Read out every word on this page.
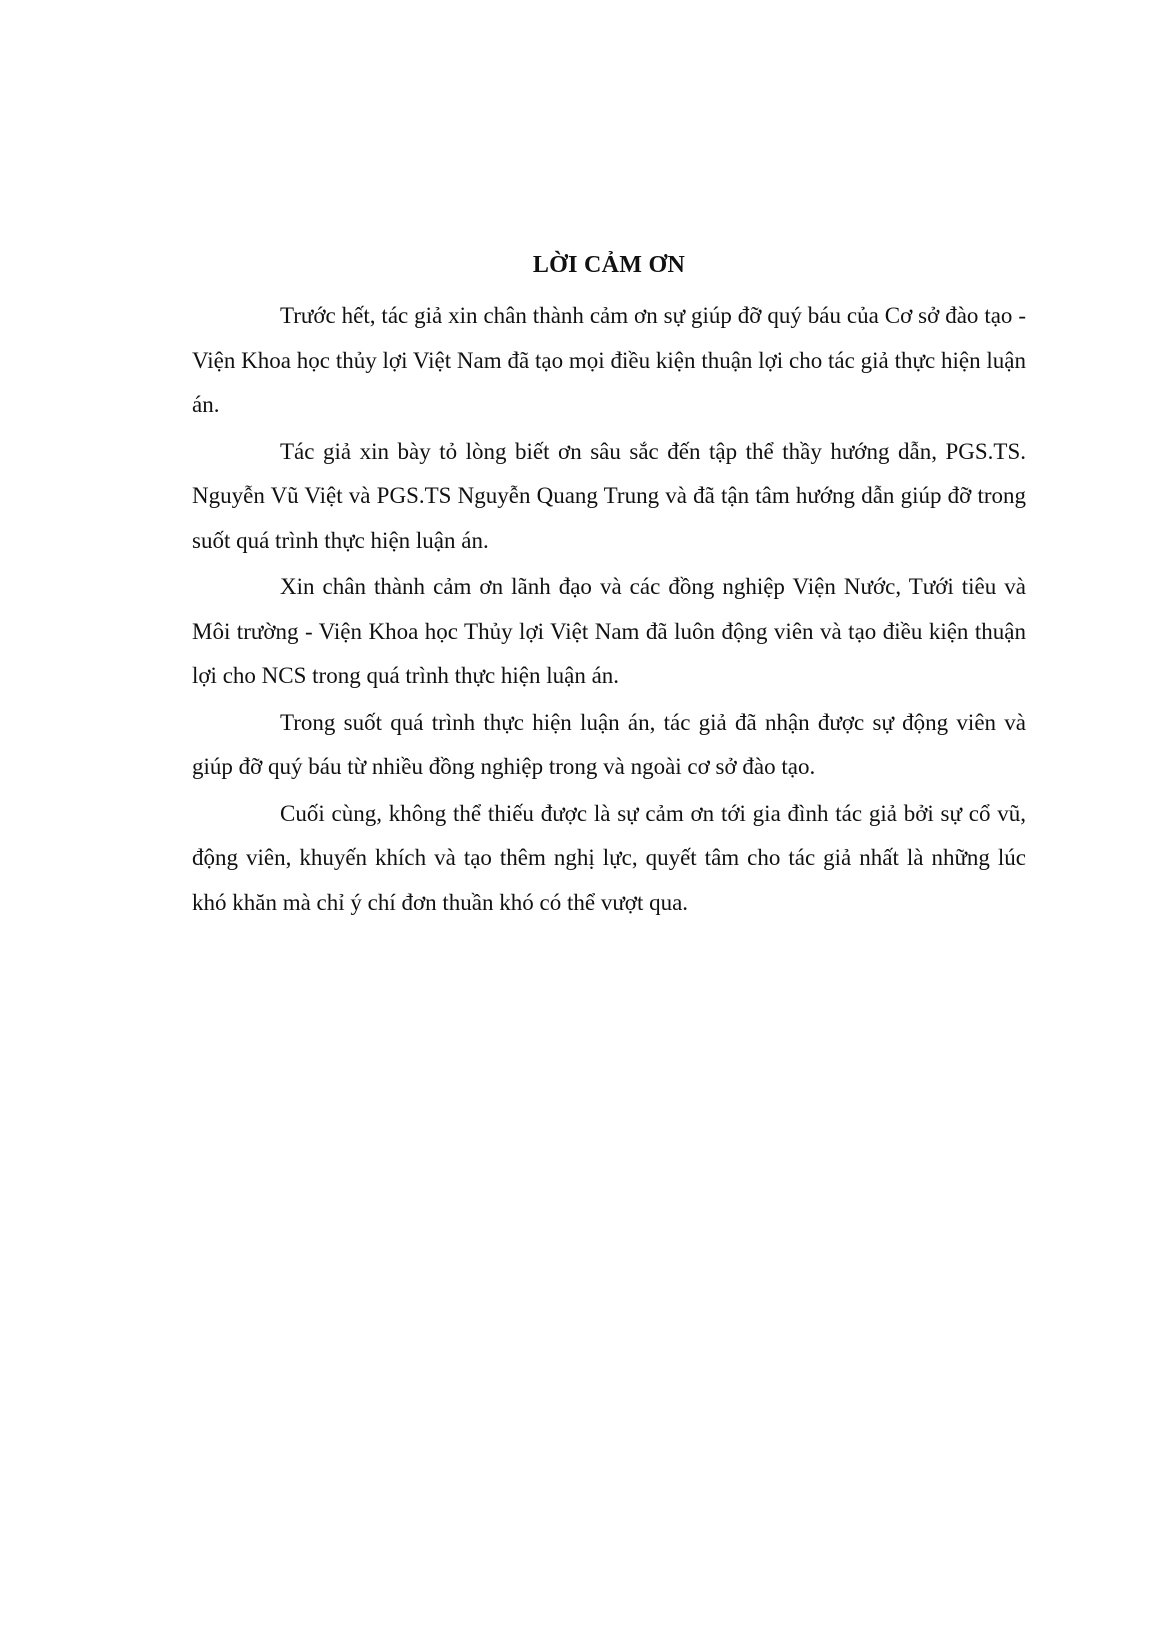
LỜI CẢM ƠN

Trước hết, tác giả xin chân thành cảm ơn sự giúp đỡ quý báu của Cơ sở đào tạo - Viện Khoa học thủy lợi Việt Nam đã tạo mọi điều kiện thuận lợi cho tác giả thực hiện luận án.

Tác giả xin bày tỏ lòng biết ơn sâu sắc đến tập thể thầy hướng dẫn, PGS.TS. Nguyễn Vũ Việt và PGS.TS Nguyễn Quang Trung và đã tận tâm hướng dẫn giúp đỡ trong suốt quá trình thực hiện luận án.

Xin chân thành cảm ơn lãnh đạo và các đồng nghiệp Viện Nước, Tưới tiêu và Môi trường - Viện Khoa học Thủy lợi Việt Nam đã luôn động viên và tạo điều kiện thuận lợi cho NCS trong quá trình thực hiện luận án.

Trong suốt quá trình thực hiện luận án, tác giả đã nhận được sự động viên và giúp đỡ quý báu từ nhiều đồng nghiệp trong và ngoài cơ sở đào tạo.

Cuối cùng, không thể thiếu được là sự cảm ơn tới gia đình tác giả bởi sự cổ vũ, động viên, khuyến khích và tạo thêm nghị lực, quyết tâm cho tác giả nhất là những lúc khó khăn mà chỉ ý chí đơn thuần khó có thể vượt qua.
